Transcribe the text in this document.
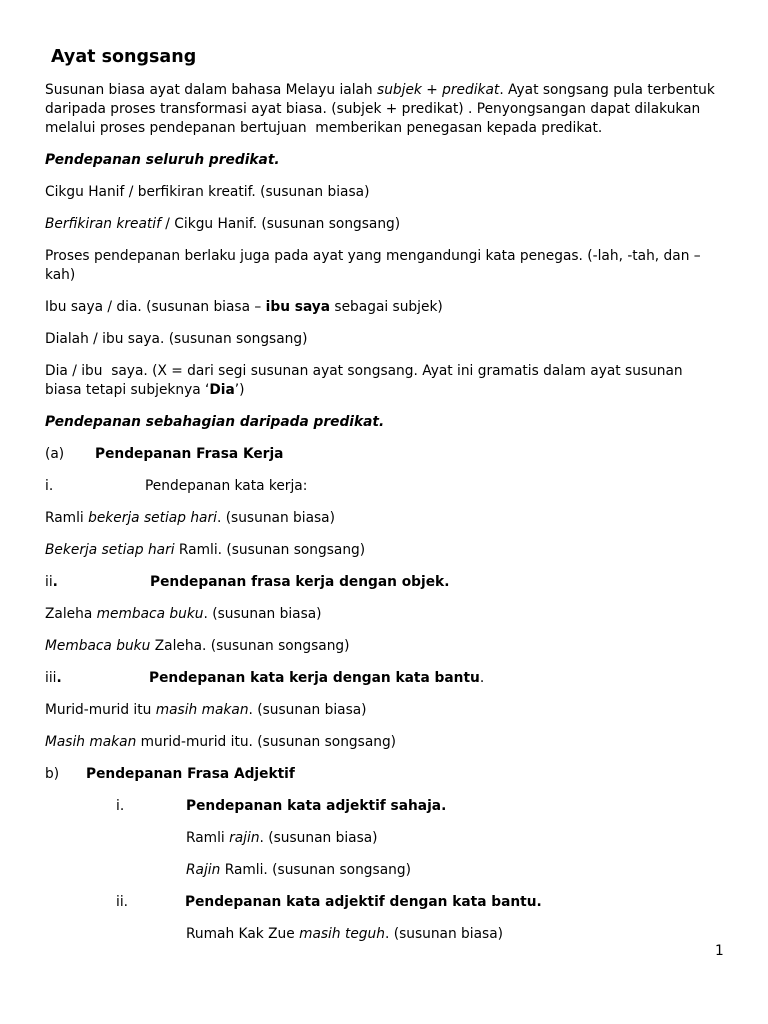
Ayat songsang
Susunan biasa ayat dalam bahasa Melayu ialah subjek + predikat. Ayat songsang pula terbentuk
daripada proses transformasi ayat biasa. (subjek + predikat) . Penyongsangan dapat dilakukan
melalui proses pendepanan bertujuan  memberikan penegasan kepada predikat.
Pendepanan seluruh predikat.
Cikgu Hanif / berfikiran kreatif. (susunan biasa)
Berfikiran kreatif / Cikgu Hanif. (susunan songsang)
Proses pendepanan berlaku juga pada ayat yang mengandungi kata penegas. (-lah, -tah, dan –
kah)
Ibu saya / dia. (susunan biasa – ibu saya sebagai subjek)
Dialah / ibu saya. (susunan songsang)
Dia / ibu  saya. (X = dari segi susunan ayat songsang. Ayat ini gramatis dalam ayat susunan
biasa tetapi subjeknya ‘Dia’)
Pendepanan sebahagian daripada predikat.
(a) Pendepanan Frasa Kerja
i.	Pendepanan kata kerja:
Ramli bekerja setiap hari. (susunan biasa)
Bekerja setiap hari Ramli. (susunan songsang)
ii.	Pendepanan frasa kerja dengan objek.
Zaleha membaca buku. (susunan biasa)
Membaca buku Zaleha. (susunan songsang)
iii.	Pendepanan kata kerja dengan kata bantu.
Murid-murid itu masih makan. (susunan biasa)
Masih makan murid-murid itu. (susunan songsang)
b) Pendepanan Frasa Adjektif
i.	Pendepanan kata adjektif sahaja.
Ramli rajin. (susunan biasa)
Rajin Ramli. (susunan songsang)
ii.	Pendepanan kata adjektif dengan kata bantu.
Rumah Kak Zue masih teguh. (susunan biasa)
1
